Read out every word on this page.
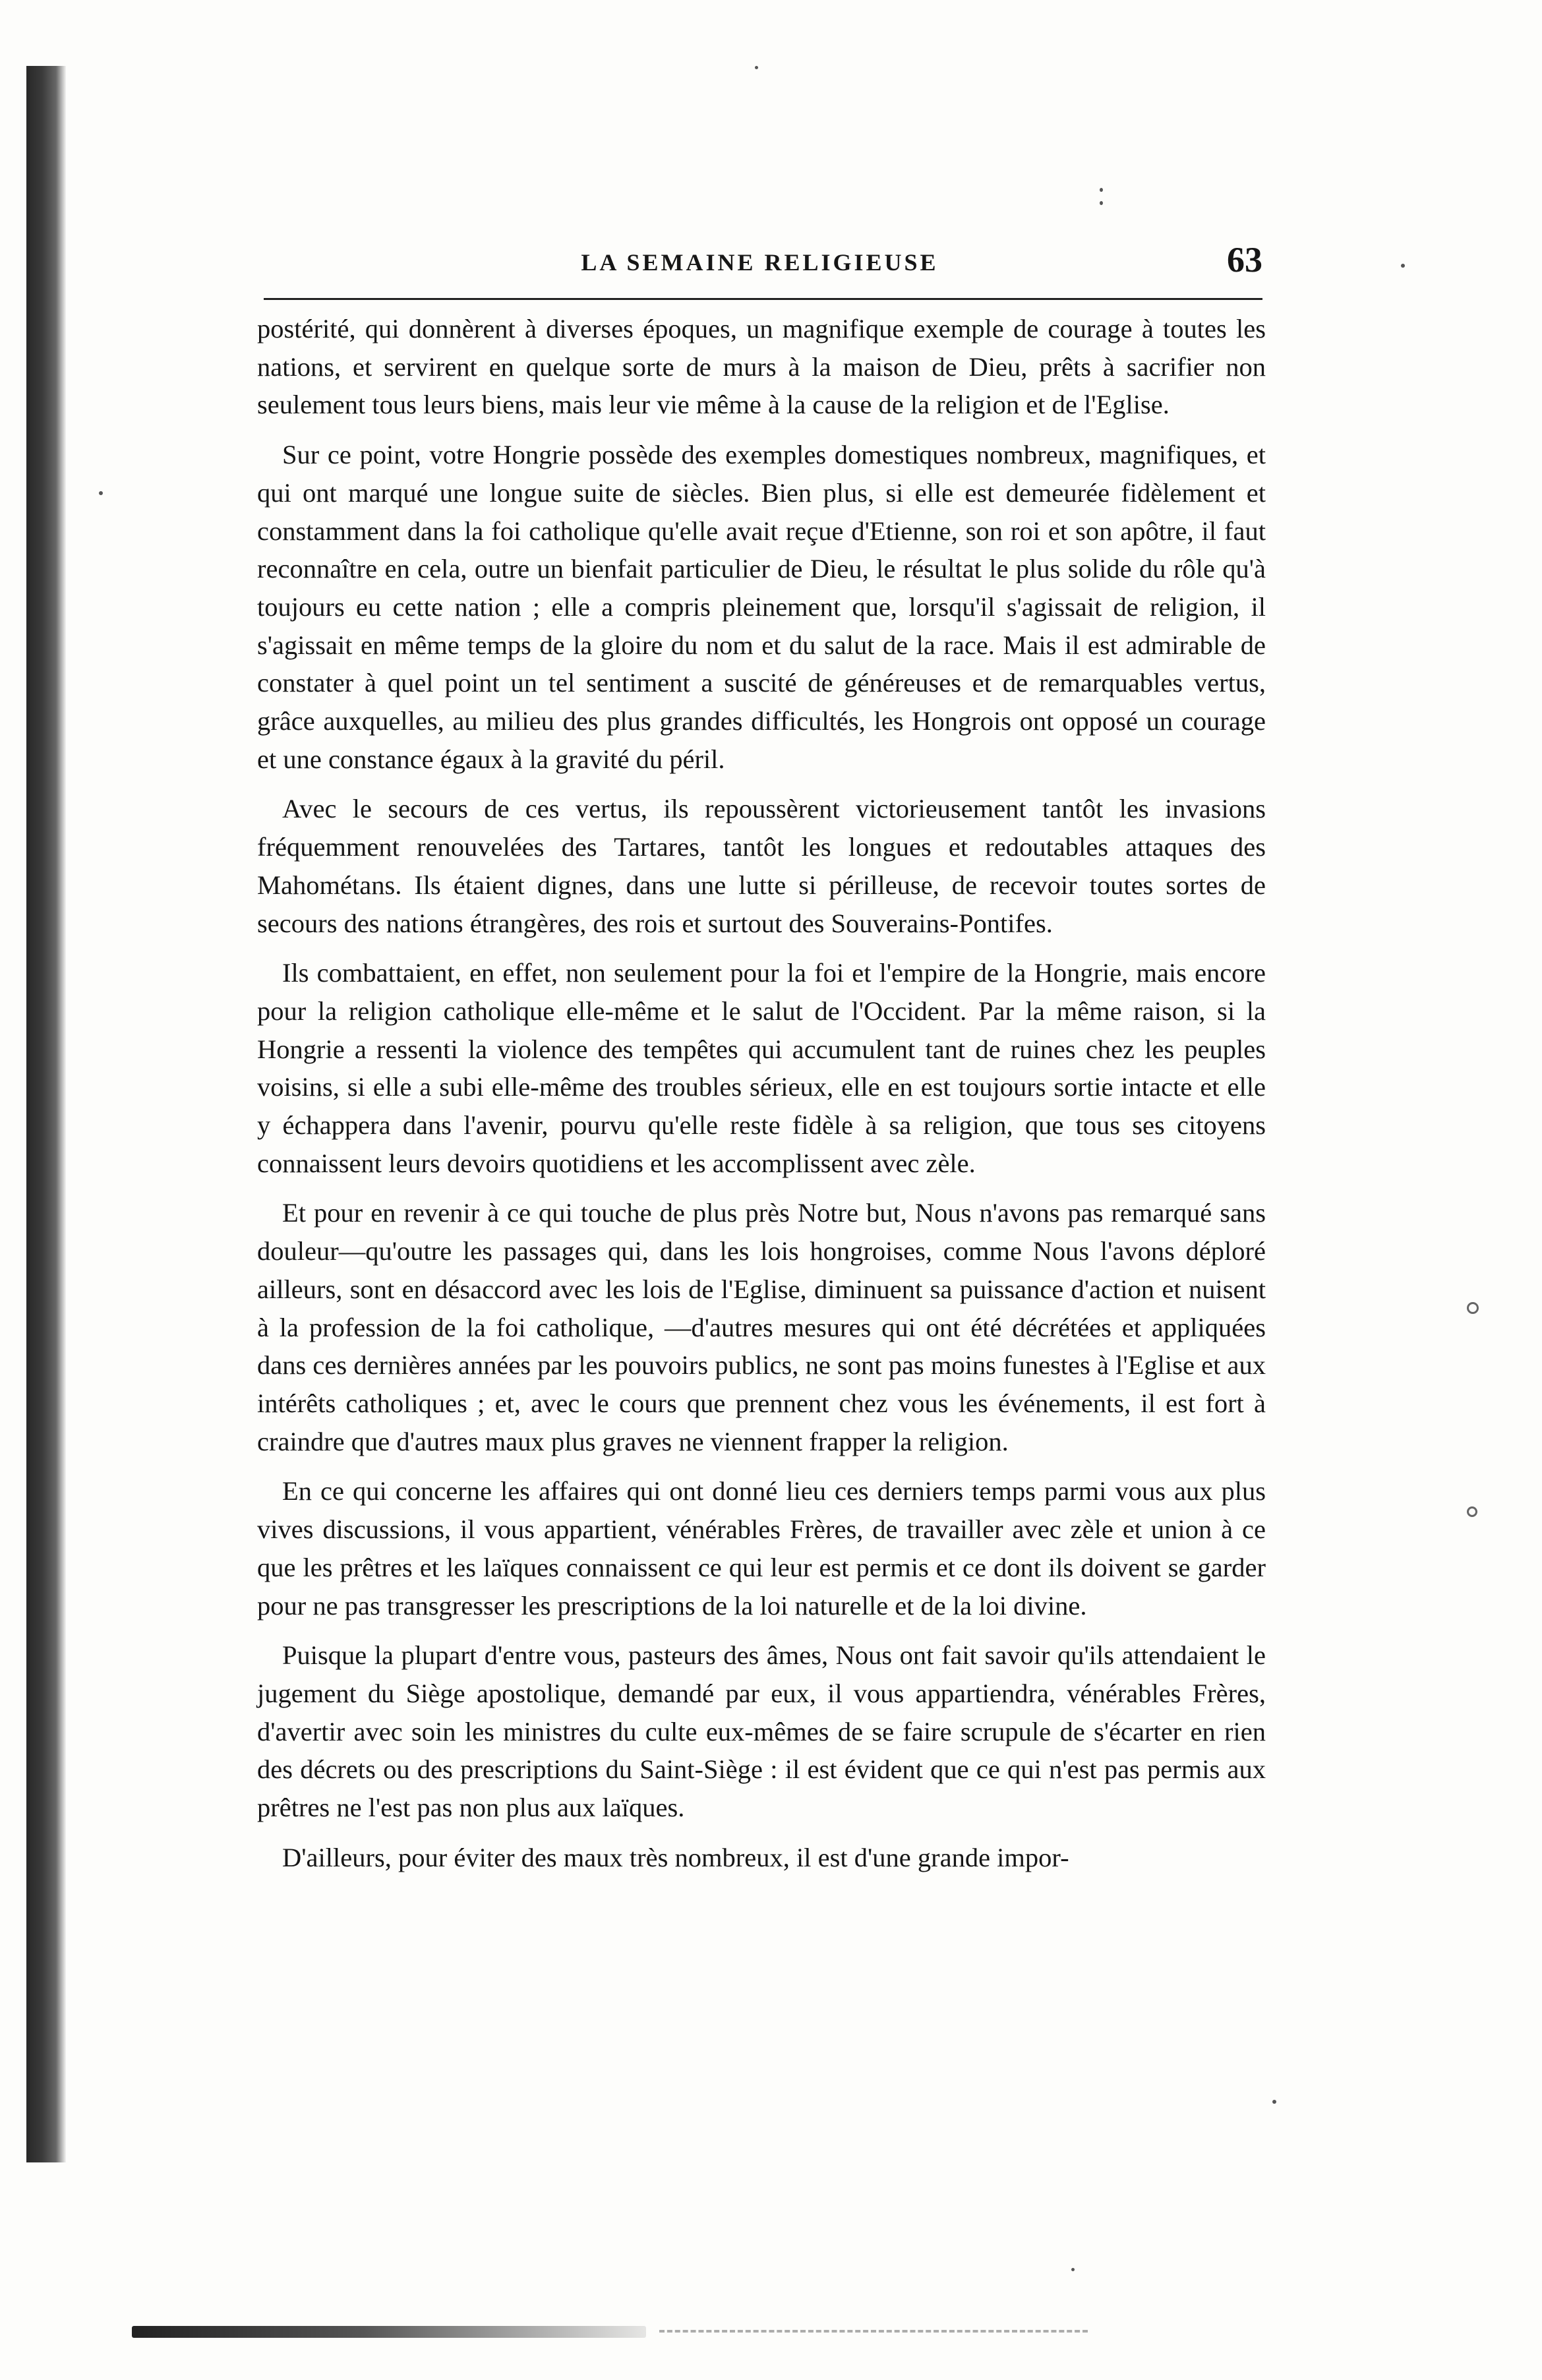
LA SEMAINE RELIGIEUSE	63

postérité, qui donnèrent à diverses époques, un magnifique exemple de courage à toutes les nations, et servirent en quelque sorte de murs à la maison de Dieu, prêts à sacrifier non seulement tous leurs biens, mais leur vie même à la cause de la religion et de l'Eglise.

Sur ce point, votre Hongrie possède des exemples domestiques nombreux, magnifiques, et qui ont marqué une longue suite de siècles. Bien plus, si elle est demeurée fidèlement et constamment dans la foi catholique qu'elle avait reçue d'Etienne, son roi et son apôtre, il faut reconnaître en cela, outre un bienfait particulier de Dieu, le résultat le plus solide du rôle qu'à toujours eu cette nation ; elle a compris pleinement que, lorsqu'il s'agissait de religion, il s'agissait en même temps de la gloire du nom et du salut de la race. Mais il est admirable de constater à quel point un tel sentiment a suscité de généreuses et de remarquables vertus, grâce auxquelles, au milieu des plus grandes difficultés, les Hongrois ont opposé un courage et une constance égaux à la gravité du péril.

Avec le secours de ces vertus, ils repoussèrent victorieusement tantôt les invasions fréquemment renouvelées des Tartares, tantôt les longues et redoutables attaques des Mahométans. Ils étaient dignes, dans une lutte si périlleuse, de recevoir toutes sortes de secours des nations étrangères, des rois et surtout des Souverains-Pontifes.

Ils combattaient, en effet, non seulement pour la foi et l'empire de la Hongrie, mais encore pour la religion catholique elle-même et le salut de l'Occident. Par la même raison, si la Hongrie a ressenti la violence des tempêtes qui accumulent tant de ruines chez les peuples voisins, si elle a subi elle-même des troubles sérieux, elle en est toujours sortie intacte et elle y échappera dans l'avenir, pourvu qu'elle reste fidèle à sa religion, que tous ses citoyens connaissent leurs devoirs quotidiens et les accomplissent avec zèle.

Et pour en revenir à ce qui touche de plus près Notre but, Nous n'avons pas remarqué sans douleur—qu'outre les passages qui, dans les lois hongroises, comme Nous l'avons déploré ailleurs, sont en désaccord avec les lois de l'Eglise, diminuent sa puissance d'action et nuisent à la profession de la foi catholique, —d'autres mesures qui ont été décrétées et appliquées dans ces dernières années par les pouvoirs publics, ne sont pas moins funestes à l'Eglise et aux intérêts catholiques ; et, avec le cours que prennent chez vous les événements, il est fort à craindre que d'autres maux plus graves ne viennent frapper la religion.

En ce qui concerne les affaires qui ont donné lieu ces derniers temps parmi vous aux plus vives discussions, il vous appartient, vénérables Frères, de travailler avec zèle et union à ce que les prêtres et les laïques connaissent ce qui leur est permis et ce dont ils doivent se garder pour ne pas transgresser les prescriptions de la loi naturelle et de la loi divine.

Puisque la plupart d'entre vous, pasteurs des âmes, Nous ont fait savoir qu'ils attendaient le jugement du Siège apostolique, demandé par eux, il vous appartiendra, vénérables Frères, d'avertir avec soin les ministres du culte eux-mêmes de se faire scrupule de s'écarter en rien des décrets ou des prescriptions du Saint-Siège : il est évident que ce qui n'est pas permis aux prêtres ne l'est pas non plus aux laïques.

D'ailleurs, pour éviter des maux très nombreux, il est d'une grande impor-
